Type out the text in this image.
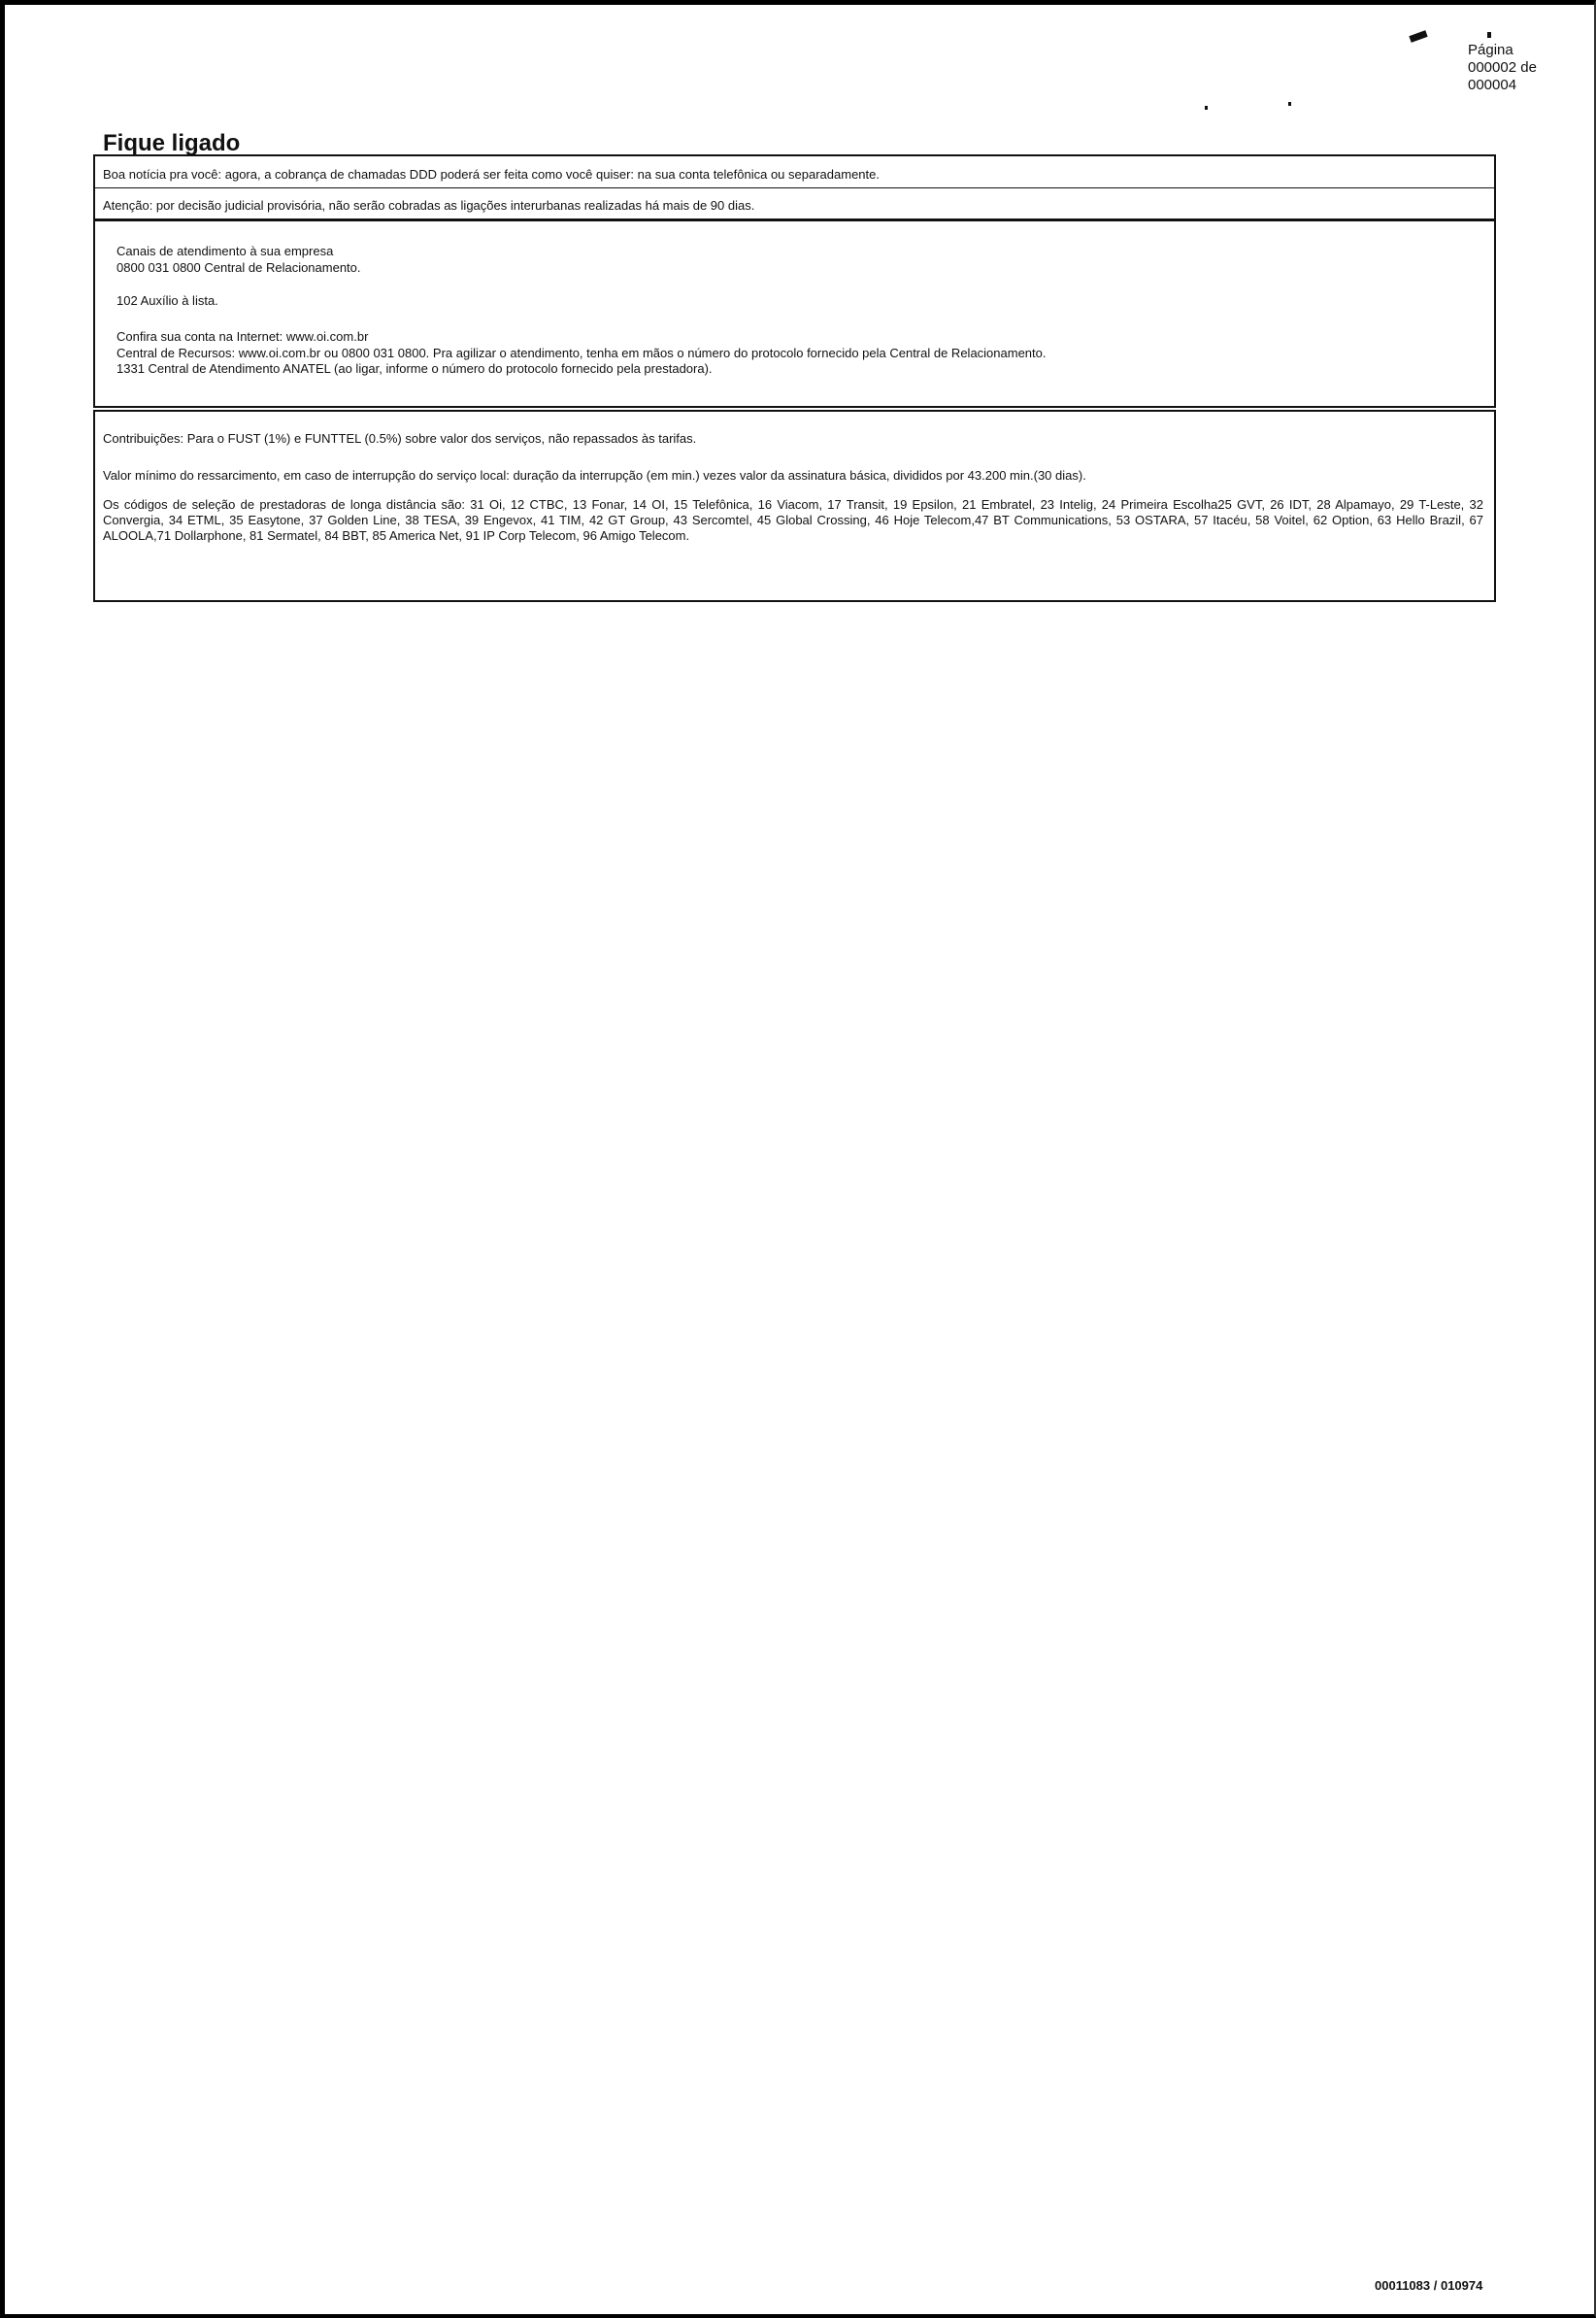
Página
000002 de
000004
Fique ligado
Boa notícia pra você: agora, a cobrança de chamadas DDD poderá ser feita como você quiser: na sua conta telefônica ou separadamente.
Atenção: por decisão judicial provisória, não serão cobradas as ligações interurbanas realizadas há mais de 90 dias.
Canais de atendimento à sua empresa
0800 031 0800 Central de Relacionamento.
102 Auxílio à lista.
Confira sua conta na Internet: www.oi.com.br
Central de Recursos: www.oi.com.br ou 0800 031 0800. Pra agilizar o atendimento, tenha em mãos o número do protocolo fornecido pela Central de Relacionamento.
1331 Central de Atendimento ANATEL (ao ligar, informe o número do protocolo fornecido pela prestadora).
Contribuições: Para o FUST (1%) e FUNTTEL (0.5%) sobre valor dos serviços, não repassados às tarifas.
Valor mínimo do ressarcimento, em caso de interrupção do serviço local: duração da interrupção (em min.) vezes valor da assinatura básica, divididos por 43.200 min.(30 dias).
Os códigos de seleção de prestadoras de longa distância são: 31 Oi, 12 CTBC, 13 Fonar, 14 OI, 15 Telefônica, 16 Viacom, 17 Transit, 19 Epsilon, 21 Embratel, 23 Intelig, 24 Primeira Escolha25 GVT, 26 IDT, 28 Alpamayo, 29 T-Leste, 32 Convergia, 34 ETML, 35 Easytone, 37 Golden Line, 38 TESA, 39 Engevox, 41 TIM, 42 GT Group, 43 Sercomtel, 45 Global Crossing, 46 Hoje Telecom,47 BT Communications, 53 OSTARA, 57 Itacéu, 58 Voitel, 62 Option, 63 Hello Brazil, 67 ALOOLA,71 Dollarphone, 81 Sermatel, 84 BBT, 85 America Net, 91 IP Corp Telecom, 96 Amigo Telecom.
00011083 / 010974
